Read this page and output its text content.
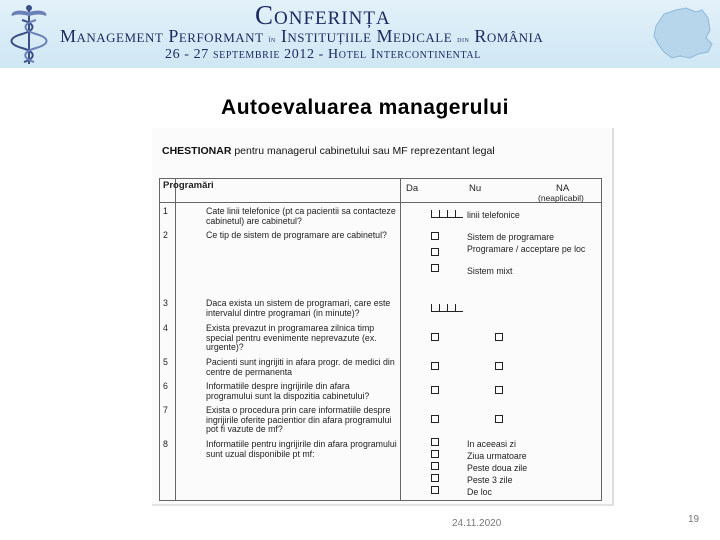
Conferința
Management Performant în Instituțiile Medicale din România
26 - 27 septembrie 2012 - Hotel Intercontinental
Autoevaluarea managerului
CHESTIONAR pentru managerul cabinetului sau MF reprezentant legal
Programări	Da	Nu	NA
(neaplicabil)
1	Cate linii telefonice (pt ca pacientii sa contacteze cabinetul) are cabinetul?
linii telefonice
2	Ce tip de sistem de programare are cabinetul?	Sistem de programare
Programare / acceptare pe loc
Sistem mixt
3	Daca exista un sistem de programari, care este intervalul dintre programari (in minute)?
4	Exista prevazut in programarea zilnica timp special pentru evenimente neprevazute (ex. urgente)?
5	Pacienti sunt ingrijiti in afara progr. de medici din centre de permanenta
6	Informatiile despre ingrijirile din afara programului sunt la dispozitia cabinetului?
7	Exista o procedura prin care informatiile despre ingrijirile oferite pacientior din afara programului pot fi vazute de mf?
8	Informatiile pentru ingrijirile din afara programului sunt uzual disponibile pt mf:
In aceeasi zi
Ziua urmatoare
Peste doua zile
Peste 3 zile
De loc
24.11.2020	19
